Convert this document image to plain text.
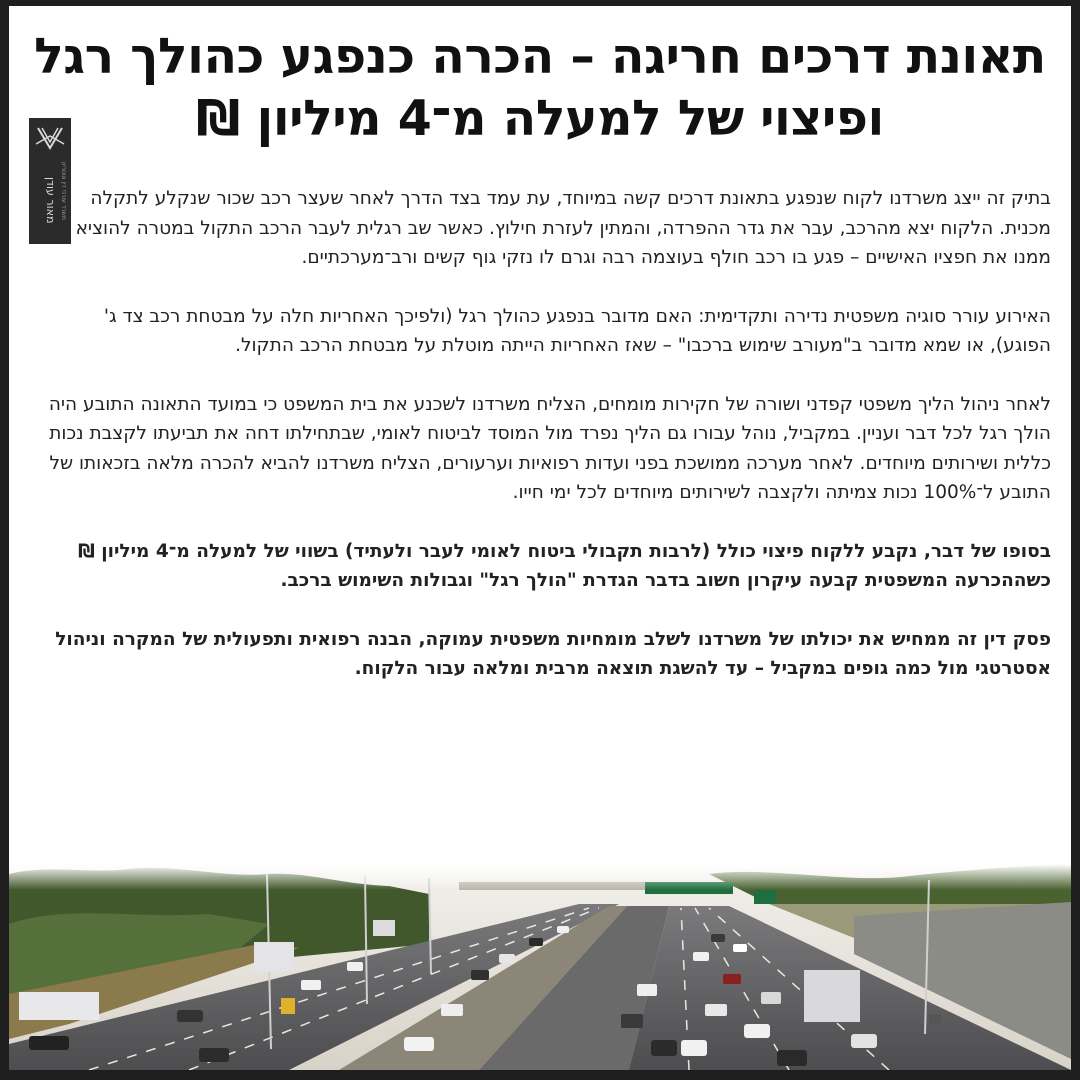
תאונת דרכים חריגה – הכרה כנפגע כהולך רגל
ופיצוי של למעלה מ־4 מיליון ₪
מאור עודן משרד עורכי דין ונוטריון	בתיק זה ייצג משרדנו לקוח שנפגע בתאונת דרכים קשה במיוחד, עת עמד בצד הדרך לאחר שעצר רכב שכור שנקלע לתקלה מכנית. הלקוח יצא מהרכב, עבר את גדר ההפרדה, והמתין לעזרת חילוץ. כאשר שב רגלית לעבר הרכב התקול במטרה להוציא ממנו את חפציו האישיים – פגע בו רכב חולף בעוצמה רבה וגרם לו נזקי גוף קשים ורב־מערכתיים.

האירוע עורר סוגיה משפטית נדירה ותקדימית: האם מדובר בנפגע כהולך רגל (ולפיכך האחריות חלה על מבטחת רכב צד ג' הפוגע), או שמא מדובר ב"מעורב שימוש ברכבו" – שאז האחריות הייתה מוטלת על מבטחת הרכב התקול.

לאחר ניהול הליך משפטי קפדני ושורה של חקירות מומחים, הצליח משרדנו לשכנע את בית המשפט כי במועד התאונה התובע היה הולך רגל לכל דבר ועניין. במקביל, נוהל עבורו גם הליך נפרד מול המוסד לביטוח לאומי, שבתחילתו דחה את תביעתו לקצבת נכות כללית ושירותים מיוחדים. לאחר מערכה ממושכת בפני ועדות רפואיות וערעורים, הצליח משרדנו להביא להכרה מלאה בזכאותו של התובע ל־100% נכות צמיתה ולקצבה לשירותים מיוחדים לכל ימי חייו.

בסופו של דבר, נקבע ללקוח פיצוי כולל (לרבות תקבולי ביטוח לאומי לעבר ולעתיד) בשווי של למעלה מ־4 מיליון ₪ כשההכרעה המשפטית קבעה עיקרון חשוב בדבר הגדרת "הולך רגל" וגבולות השימוש ברכב.

פסק דין זה ממחיש את יכולתו של משרדנו לשלב מומחיות משפטית עמוקה, הבנה רפואית ותפעולית של המקרה וניהול אסטרטגי מול כמה גופים במקביל – עד להשגת תוצאה מרבית ומלאה עבור הלקוח.
